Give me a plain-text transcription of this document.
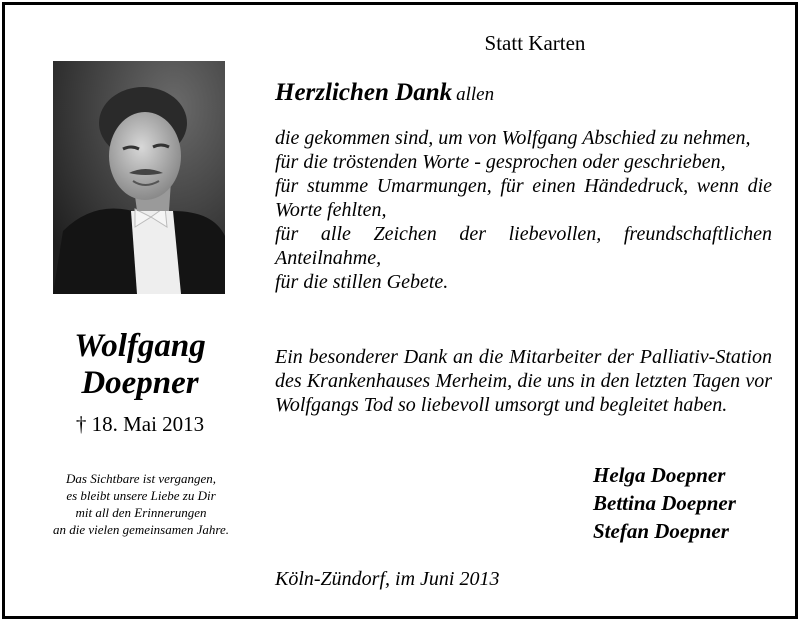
Statt Karten
Wolfgang
Doepner
† 18. Mai 2013
Das Sichtbare ist vergangen,
es bleibt unsere Liebe zu Dir
mit all den Erinnerungen
an die vielen gemeinsamen Jahre.
Herzlichen Dank allen
die gekommen sind, um von Wolfgang Abschied zu nehmen,
für die tröstenden Worte - gesprochen oder geschrieben,
für stumme Umarmungen, für einen Händedruck, wenn die Worte fehlten,
für alle Zeichen der liebevollen, freundschaftlichen Anteilnahme,
für die stillen Gebete.
Ein besonderer Dank an die Mitarbeiter der Palliativ-Station des Krankenhauses Merheim, die uns in den letzten Tagen vor Wolfgangs Tod so liebevoll umsorgt und begleitet haben.
Helga Doepner
Bettina Doepner
Stefan Doepner
Köln-Zündorf, im Juni 2013
